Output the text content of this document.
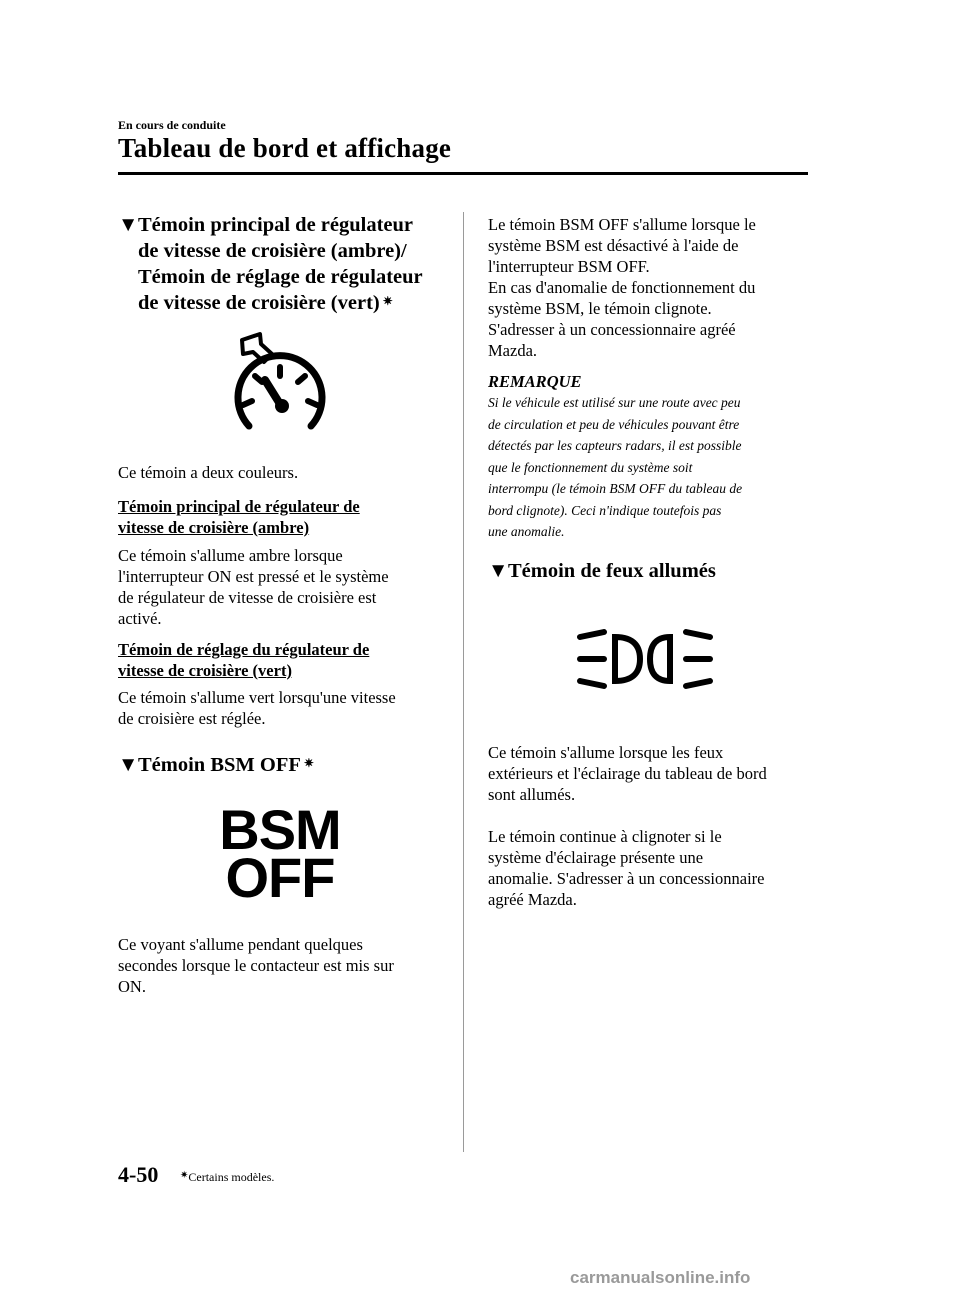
En cours de conduite
Tableau de bord et affichage
▼Témoin principal de régulateur
de vitesse de croisière (ambre)/
Témoin de réglage de régulateur
de vitesse de croisière (vert) ✷
Ce témoin a deux couleurs.
Témoin principal de régulateur de
vitesse de croisière (ambre)
Ce témoin s'allume ambre lorsque
l'interrupteur ON est pressé et le système
de régulateur de vitesse de croisière est
activé.
Témoin de réglage du régulateur de
vitesse de croisière (vert)
Ce témoin s'allume vert lorsqu'une vitesse
de croisière est réglée.
▼Témoin BSM OFF ✷
BSM
OFF
Ce voyant s'allume pendant quelques
secondes lorsque le contacteur est mis sur
ON.
Le témoin BSM OFF s'allume lorsque le
système BSM est désactivé à l'aide de
l'interrupteur BSM OFF.
En cas d'anomalie de fonctionnement du
système BSM, le témoin clignote.
S'adresser à un concessionnaire agréé
Mazda.
REMARQUE
Si le véhicule est utilisé sur une route avec peu
de circulation et peu de véhicules pouvant être
détectés par les capteurs radars, il est possible
que le fonctionnement du système soit
interrompu (le témoin BSM OFF du tableau de
bord clignote). Ceci n'indique toutefois pas
une anomalie.
▼Témoin de feux allumés
Ce témoin s'allume lorsque les feux
extérieurs et l'éclairage du tableau de bord
sont allumés.
Le témoin continue à clignoter si le
système d'éclairage présente une
anomalie. S'adresser à un concessionnaire
agréé Mazda.
4-50 ✷Certains modèles.
carmanualsonline.info
